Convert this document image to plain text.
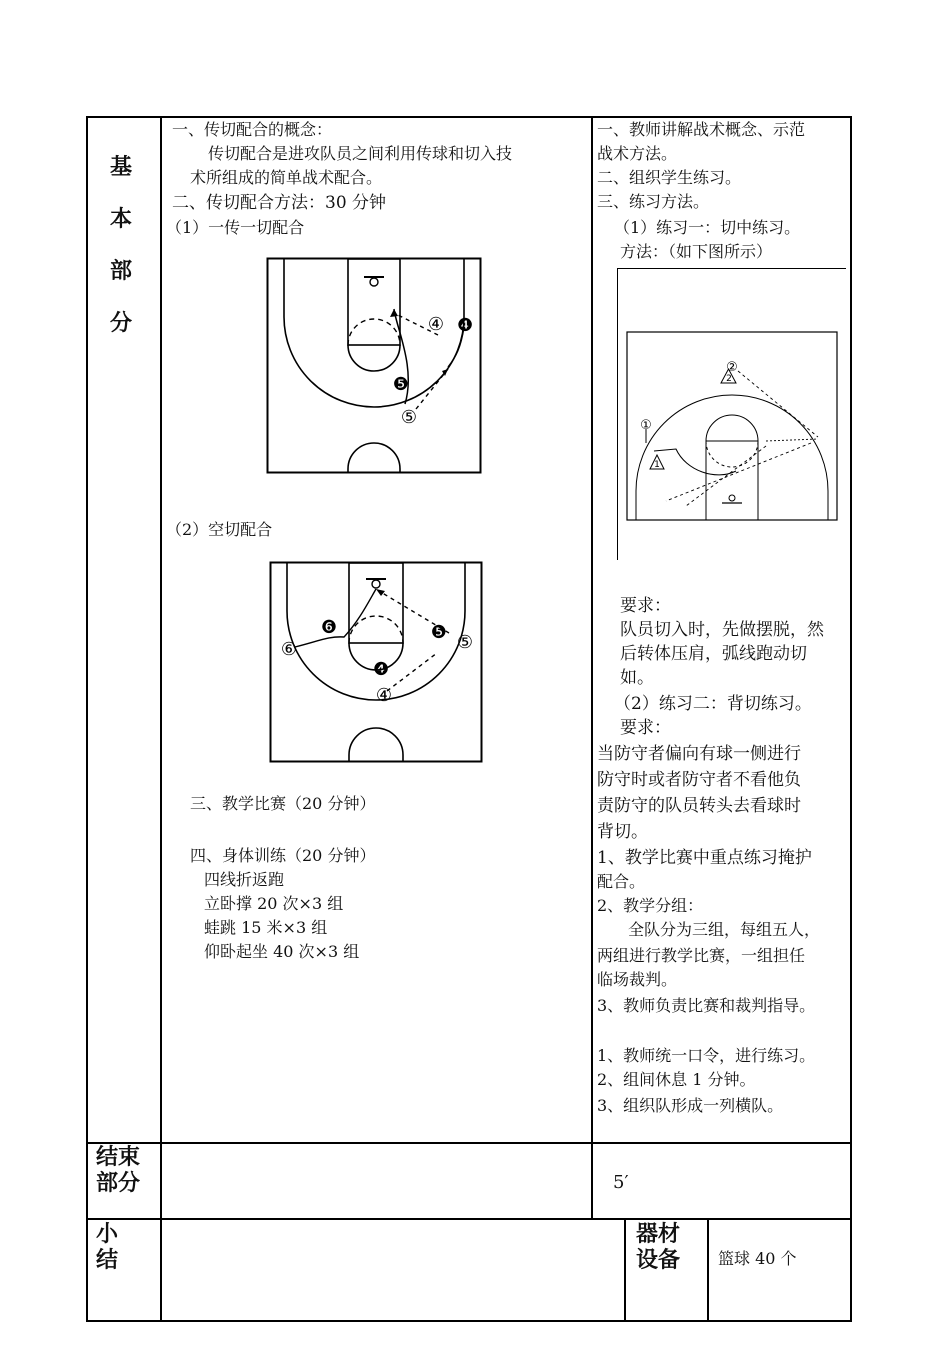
基
本
部
分
结束
部分
小
结
器材
设备 篮球 40 个
5′
一、传切配合的概念：
传切配合是进攻队员之间利用传球和切入技
术所组成的简单战术配合。
二、传切配合方法：30 分钟
（1）一传一切配合
④ ❹
❺
⑤
（2）空切配合
❻
⑥
❺ ⑤
❹
④
三、教学比赛（20 分钟）
四、身体训练（20 分钟）
四线折返跑
立卧撑 20 次×3 组
蛙跳 15 米×3 组
仰卧起坐 40 次×3 组
一、教师讲解战术概念、示范
战术方法。
二、组织学生练习。
三、练习方法。
（1）练习一：切中练习。
方法：（如下图所示）
②
2
①
1
要求：
队员切入时，先做摆脱，然
后转体压肩，弧线跑动切
如。
（2）练习二：背切练习。
要求：
当防守者偏向有球一侧进行
防守时或者防守者不看他负
责防守的队员转头去看球时
背切。
1、教学比赛中重点练习掩护
配合。
2、教学分组：
全队分为三组，每组五人，
两组进行教学比赛，一组担任
临场裁判。
3、教师负责比赛和裁判指导。
1、教师统一口令，进行练习。
2、组间休息 1 分钟。
3、组织队形成一列横队。
